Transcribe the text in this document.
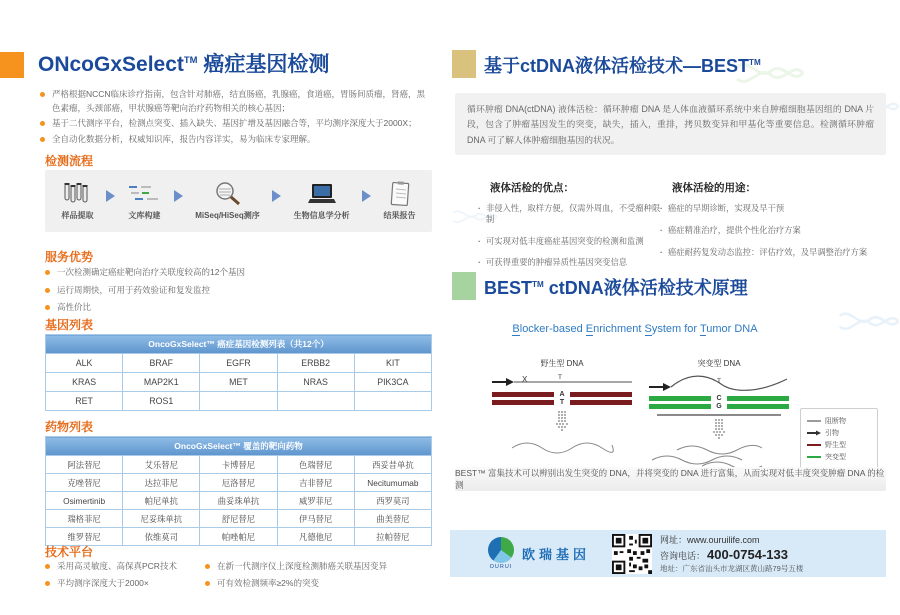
ONcoGxSelect™ 癌症基因检测
严格根据NCCN临床诊疗指南，包含针对肺癌，结直肠癌，乳腺癌，食道癌，胃肠间质瘤，肾癌，黑色素瘤，头颈部癌，甲状腺癌等靶向治疗药物相关的核心基因；
基于二代测序平台，检测点突变、插入缺失、基因扩增及基因融合等，平均测序深度大于2000X；
全自动化数据分析，权威知识库，报告内容详实，易为临床专家理解。
检测流程
样品提取	文库构建	MiSeq/HiSeq测序	生物信息学分析	结果报告
服务优势
一次检测确定癌症靶向治疗关联度较高的12个基因
运行周期快，可用于药效验证和复发监控
高性价比
基因列表
OncoGxSelect™ 癌症基因检测列表（共12个）				
ALK	BRAF	EGFR	ERBB2	KIT
KRAS	MAP2K1	MET	NRAS	PIK3CA
RET	ROS1			
药物列表
OncoGxSelect™ 覆盖的靶向药物				
阿法替尼	艾乐替尼	卡博替尼	色瑞替尼	西妥昔单抗
克唑替尼	达拉菲尼	厄洛替尼	吉非替尼	Necitumumab
Osimertinib	帕尼单抗	曲妥珠单抗	威罗菲尼	西罗莫司
瑞格菲尼	尼妥珠单抗	舒尼替尼	伊马替尼	曲美替尼
维罗替尼	依维莫司	帕唑帕尼	凡德他尼	拉帕替尼
技术平台
采用高灵敏度、高保真PCR技术
平均测序深度大于2000×
在新一代测序仪上深度检测肺癌关联基因变异
可有效检测频率≥2%的突变
基于ctDNA液体活检技术—BEST™
循环肿瘤 DNA(ctDNA) 液体活检：循环肿瘤 DNA 是人体血液循环系统中来自肿瘤细胞基因组的 DNA 片段，包含了肿瘤基因发生的突变，缺失，插入，重排，拷贝数变异和甲基化等重要信息。检测循环肿瘤 DNA 可了解人体肿瘤细胞基因的状况。
液体活检的优点：
· 非侵入性，取样方便，仅需外周血，不受瘤种限制
· 可实现对低丰度癌症基因突变的检测和监测
· 可获得重要的肿瘤异质性基因突变信息
液体活检的用途：
· 癌症的早期诊断，实现及早干预
· 癌症精准治疗，提供个性化治疗方案
· 癌症耐药复发动态监控：评估疗效，及早调整治疗方案
BEST™ ctDNA液体活检技术原理
Blocker-based Enrichment System for Tumor DNA
野生型 DNA
X	T
A
T
突变型 DNA
T
C
G
阻断物
引物
野生型
突变型
BEST™ 富集技术可以辨别出发生突变的 DNA，并将突变的 DNA 进行富集，从而实现对低丰度突变肿瘤 DNA 的检测
OURUI
欧瑞基因
网址：www.ouruilife.com
咨询电话： 400-0754-133
地址：广东省汕头市龙湖区黄山路79号五楼
